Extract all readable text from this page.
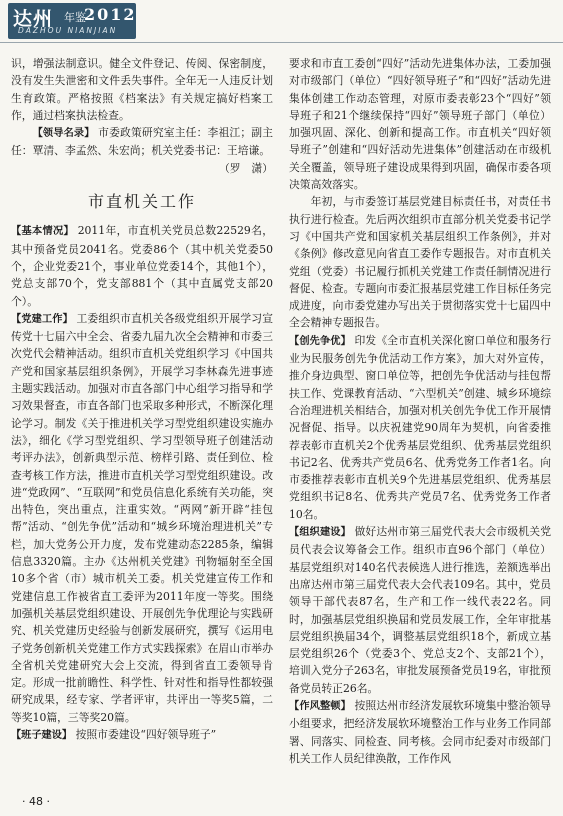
达州 年鉴
2012
DAZHOU NIANJIAN

识，增强法制意识。健全文件登记、传阅、保密制度，没有发生失泄密和文件丢失事件。全年无一人违反计划生育政策。严格按照《档案法》有关规定搞好档案工作，通过档案执法检查。

【领导名录】 市委政策研究室主任：李祖江；副主任：覃清、李孟然、朱宏尚；机关党委书记：王培谦。

（罗　潇）

市直机关工作

【基本情况】 2011年，市直机关党员总数22529名，其中预备党员2041名。党委86个（其中机关党委50个，企业党委21个，事业单位党委14个，其他1个），党总支部70个，党支部881个（其中直属党支部20个）。

【党建工作】 工委组织市直机关各级党组织开展学习宣传党十七届六中全会、省委九届九次全会精神和市委三次党代会精神活动。组织市直机关党组织学习《中国共产党和国家基层组织条例》，开展学习李林森先进事迹主题实践活动。加强对市直各部门中心组学习指导和学习效果督查，市直各部门也采取多种形式，不断深化理论学习。制发《关于推进机关学习型党组织建设实施办法》，细化《学习型党组织、学习型领导班子创建活动考评办法》，创新典型示范、榜样引路、责任到位、检查考核工作方法，推进市直机关学习型党组织建设。改进“党政网”、“互联网”和党员信息化系统有关功能，突出特色，突出重点，注重实效。“两网”新开辟“挂包帮”活动、“创先争优”活动和“城乡环境治理进机关”专栏，加大党务公开力度，发布党建动态2285条，编辑信息3320篇。主办《达州机关党建》刊物辐射至全国10多个省（市）城市机关工委。机关党建宣传工作和党建信息工作被省直工委评为2011年度一等奖。围绕加强机关基层党组织建设、开展创先争优理论与实践研究、机关党建历史经验与创新发展研究，撰写《运用电子党务创新机关党建工作方式实践探索》在眉山市举办全省机关党建研究大会上交流，得到省直工委领导肯定。形成一批前瞻性、科学性、针对性和指导性都较强研究成果，经专家、学者评审，共评出一等奖5篇，二等奖10篇，三等奖20篇。

【班子建设】 按照市委建设“四好领导班子”

要求和市直工委创“四好”活动先进集体办法，工委加强对市级部门（单位）“四好领导班子”和“四好”活动先进集体创建工作动态管理，对原市委表彰23个“四好”领导班子和21个继续保持“四好”领导班子部门（单位）加强巩固、深化、创新和提高工作。市直机关“四好领导班子”创建和“四好活动先进集体”创建活动在市级机关全覆盖，领导班子建设成果得到巩固，确保市委各项决策高效落实。

年初，与市委签订基层党建目标责任书，对责任书执行进行检查。先后两次组织市直部分机关党委书记学习《中国共产党和国家机关基层组织工作条例》，并对《条例》修改意见向省直工委作专题报告。对市直机关党组（党委）书记履行抓机关党建工作责任制情况进行督促、检查。专题向市委汇报基层党建工作目标任务完成进度，向市委党建办写出关于贯彻落实党十七届四中全会精神专题报告。

【创先争优】 印发《全市直机关深化窗口单位和服务行业为民服务创先争优活动工作方案》，加大对外宣传，推介身边典型、窗口单位等，把创先争优活动与挂包帮扶工作、党课教育活动、“六型机关”创建、城乡环境综合治理进机关相结合，加强对机关创先争优工作开展情况督促、指导。以庆祝建党90周年为契机，向省委推荐表彰市直机关2个优秀基层党组织、优秀基层党组织书记2名、优秀共产党员6名、优秀党务工作者1名。向市委推荐表彰市直机关9个先进基层党组织、优秀基层党组织书记8名、优秀共产党员7名、优秀党务工作者10名。

【组织建设】 做好达州市第三届党代表大会市级机关党员代表会议筹备会工作。组织市直96个部门（单位）基层党组织对140名代表候选人进行推选，差额选举出出席达州市第三届党代表大会代表109名。其中，党员领导干部代表87名，生产和工作一线代表22名。同时，加强基层党组织换届和党员发展工作，全年审批基层党组织换届34个，调整基层党组织18个，新成立基层党组织26个（党委3个、党总支2个、支部21个），培训入党分子263名，审批发展预备党员19名，审批预备党员转正26名。

【作风整顿】 按照达州市经济发展软环境集中整治领导小组要求，把经济发展软环境整治工作与业务工作同部署、同落实、同检查、同考核。会同市纪委对市级部门机关工作人员纪律涣散，工作作风

· 48 ·
